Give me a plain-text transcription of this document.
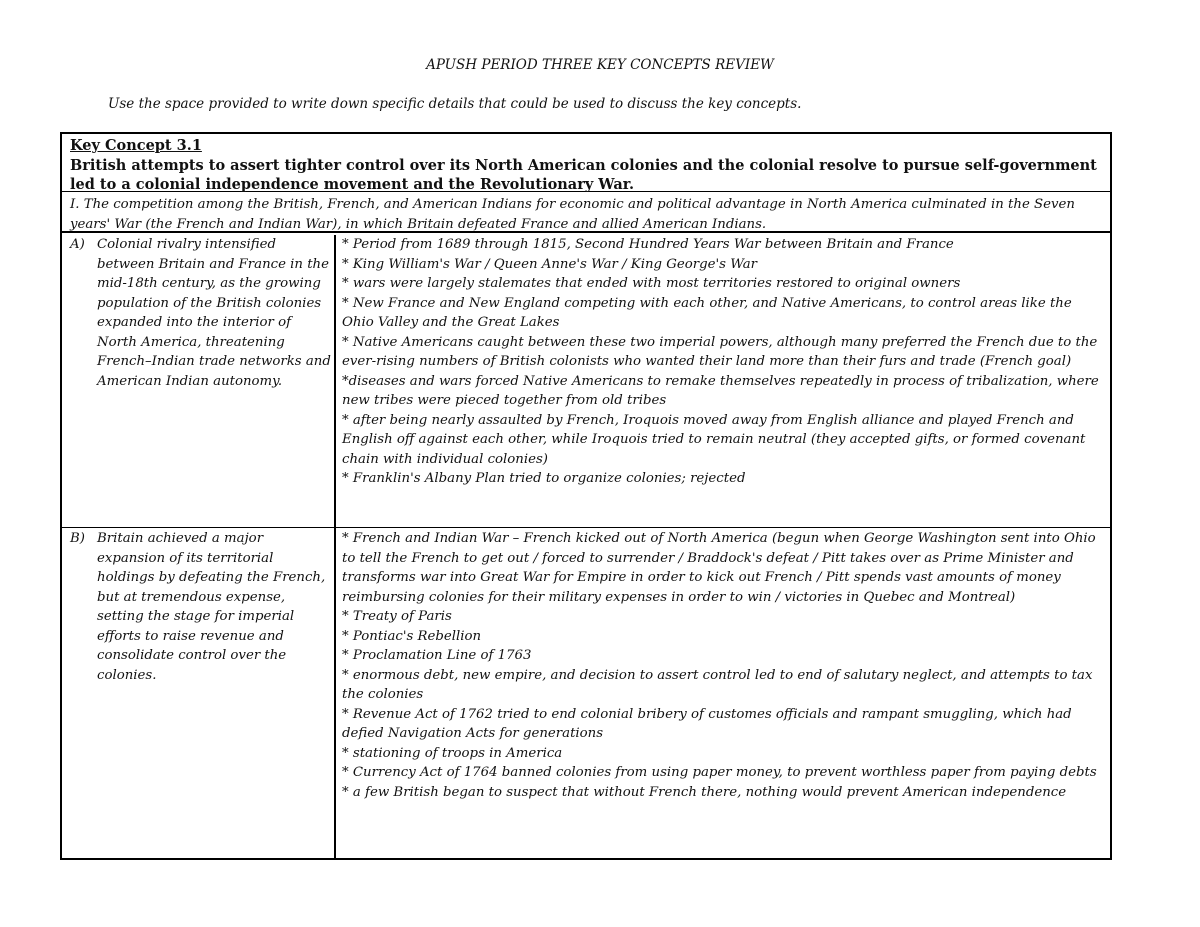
APUSH PERIOD THREE KEY CONCEPTS REVIEW
Use the space provided to write down specific details that could be used to discuss the key concepts.
Key Concept 3.1
British attempts to assert tighter control over its North American colonies and the colonial resolve to pursue self-government led to a colonial independence movement and the Revolutionary War.
I. The competition among the British, French, and American Indians for economic and political advantage in North America culminated in the Seven years' War (the French and Indian War), in which Britain defeated France and allied American Indians.
A) Colonial rivalry intensified between Britain and France in the mid-18th century, as the growing population of the British colonies expanded into the interior of North America, threatening French–Indian trade networks and American Indian autonomy.
* Period from 1689 through 1815, Second Hundred Years War between Britain and France
* King William's War / Queen Anne's War / King George's War
* wars were largely stalemates that ended with most territories restored to original owners
* New France and New England competing with each other, and Native Americans, to control areas like the Ohio Valley and the Great Lakes
* Native Americans caught between these two imperial powers, although many preferred the French due to the ever-rising numbers of British colonists who wanted their land more than their furs and trade (French goal)
*diseases and wars forced Native Americans to remake themselves repeatedly in process of tribalization, where new tribes were pieced together from old tribes
* after being nearly assaulted by French, Iroquois moved away from English alliance and played French and English off against each other, while Iroquois tried to remain neutral (they accepted gifts, or formed covenant chain with individual colonies)
* Franklin's Albany Plan tried to organize colonies; rejected
B) Britain achieved a major expansion of its territorial holdings by defeating the French, but at tremendous expense, setting the stage for imperial efforts to raise revenue and consolidate control over the colonies.
* French and Indian War – French kicked out of North America (begun when George Washington sent into Ohio to tell the French to get out / forced to surrender / Braddock's defeat / Pitt takes over as Prime Minister and transforms war into Great War for Empire in order to kick out French / Pitt spends vast amounts of money reimbursing colonies for their military expenses in order to win / victories in Quebec and Montreal)
* Treaty of Paris
* Pontiac's Rebellion
* Proclamation Line of 1763
* enormous debt, new empire, and decision to assert control led to end of salutary neglect, and attempts to tax the colonies
* Revenue Act of 1762 tried to end colonial bribery of customes officials and rampant smuggling, which had defied Navigation Acts for generations
* stationing of troops in America
* Currency Act of 1764 banned colonies from using paper money, to prevent worthless paper from paying debts
* a few British began to suspect that without French there, nothing would prevent American independence
